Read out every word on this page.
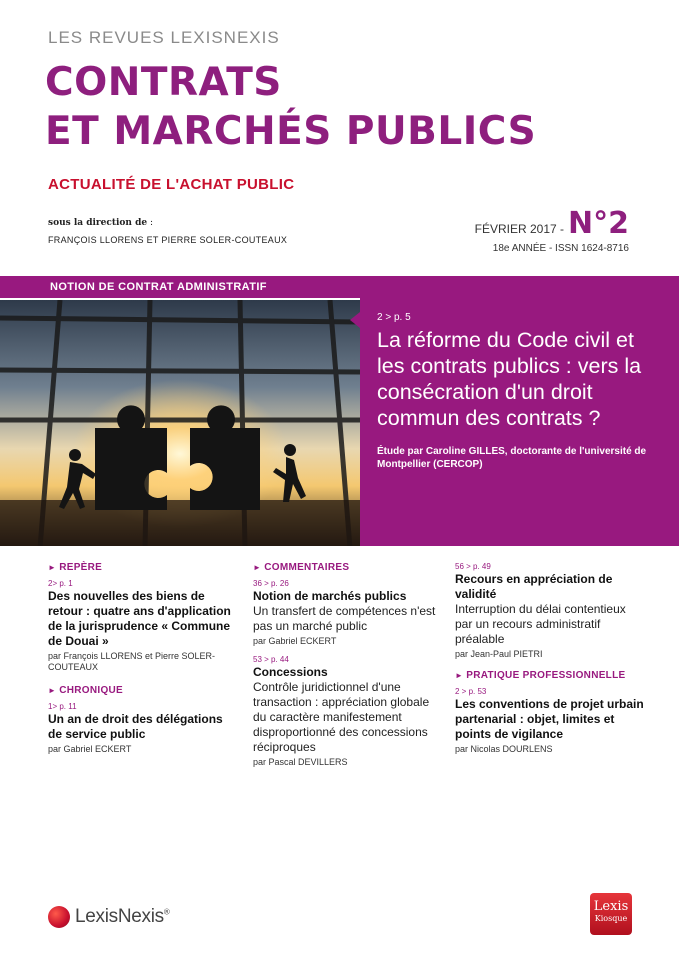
LES REVUES LEXISNEXIS
CONTRATS
ET MARCHÉS PUBLICS
ACTUALITÉ DE L'ACHAT PUBLIC
sous la direction de :
FRANÇOIS LLORENS ET PIERRE SOLER-COUTEAUX
FÉVRIER 2017 - N°2
18e ANNÉE - ISSN 1624-8716
NOTION DE CONTRAT ADMINISTRATIF
2 > p. 5
La réforme du Code civil et les contrats publics : vers la consécration d'un droit commun des contrats ?
Étude par Caroline GILLES, doctorante de l'université de Montpellier (CERCOP)
► REPÈRE
2> p. 1
Des nouvelles des biens de retour : quatre ans d'application de la jurisprudence « Commune de Douai »
par François LLORENS et Pierre SOLER-COUTEAUX
► CHRONIQUE
1> p. 11
Un an de droit des délégations de service public
par Gabriel ECKERT
► COMMENTAIRES
36 > p. 26
Notion de marchés publics
Un transfert de compétences n'est pas un marché public
par Gabriel ECKERT
53 > p. 44
Concessions
Contrôle juridictionnel d'une transaction : appréciation globale du caractère manifestement disproportionné des concessions réciproques
par Pascal DEVILLERS
56 > p. 49
Recours en appréciation de validité
Interruption du délai contentieux par un recours administratif préalable
par Jean-Paul PIETRI
► PRATIQUE PROFESSIONNELLE
2 > p. 53
Les conventions de projet urbain partenarial : objet, limites et points de vigilance
par Nicolas DOURLENS
LexisNexis®	Lexis
Kiosque
